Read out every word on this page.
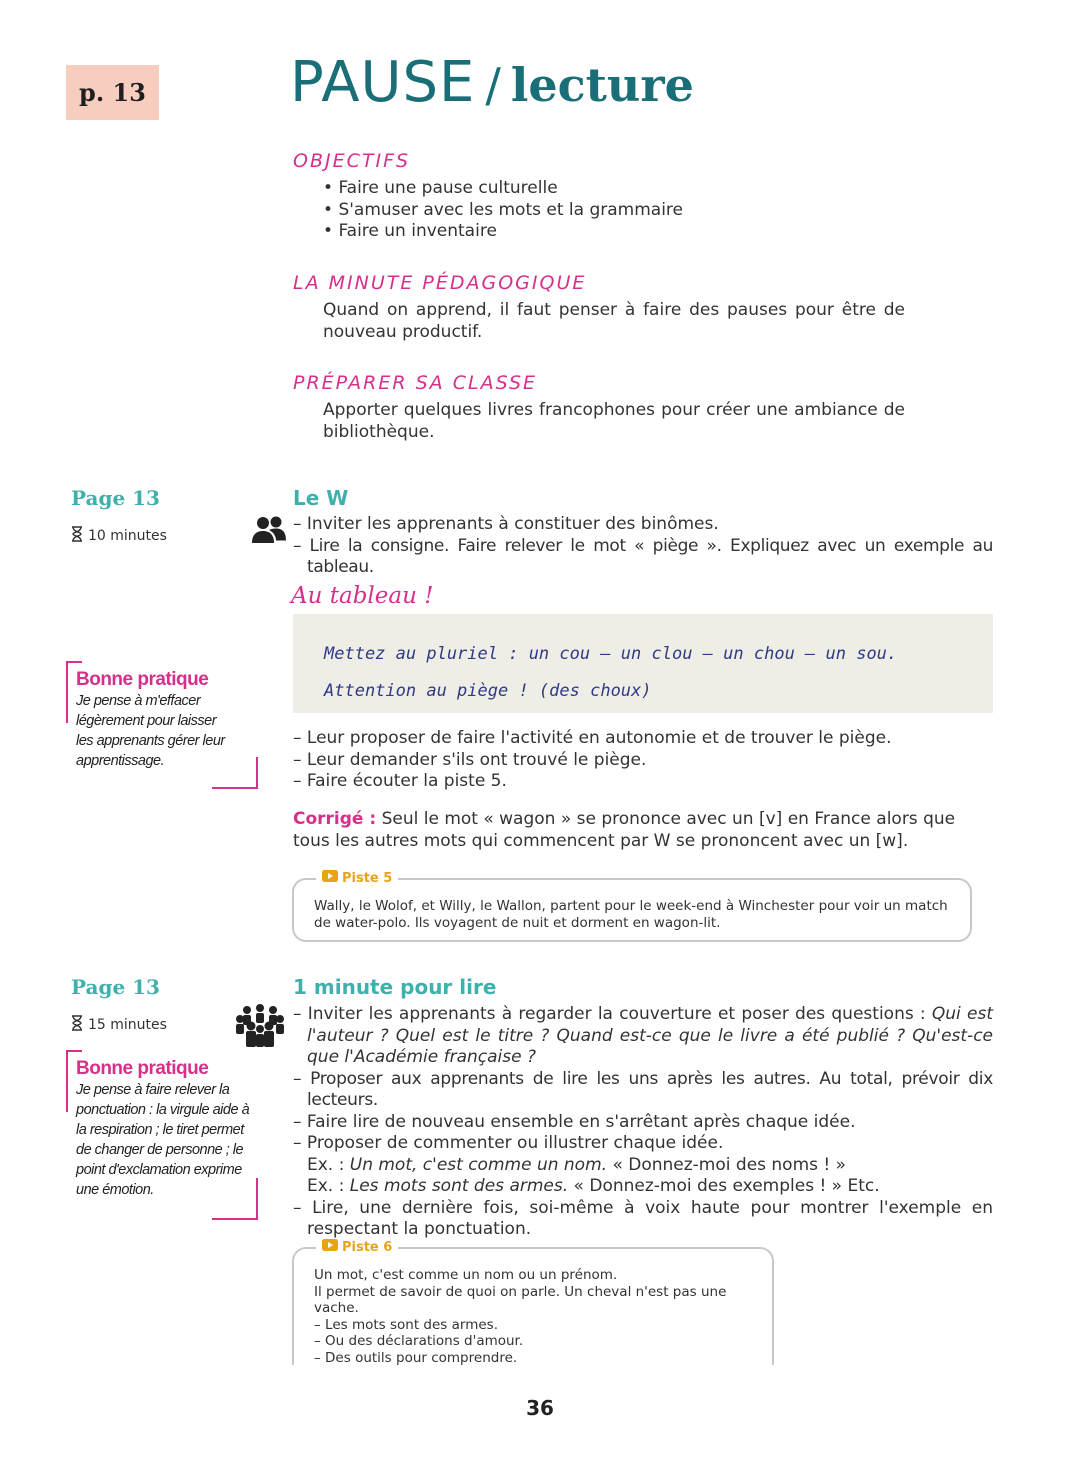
p. 13	PAUSE / lecture
OBJECTIFS
• Faire une pause culturelle
• S'amuser avec les mots et la grammaire
• Faire un inventaire
LA MINUTE PÉDAGOGIQUE
Quand on apprend, il faut penser à faire des pauses pour être de nouveau productif.
PRÉPARER SA CLASSE
Apporter quelques livres francophones pour créer une ambiance de bibliothèque.
Page 13
10 minutes
Le W
– Inviter les apprenants à constituer des binômes.
– Lire la consigne. Faire relever le mot « piège ». Expliquez avec un exemple au tableau.
Au tableau !
Mettez au pluriel : un cou – un clou – un chou – un sou.
Attention au piège ! (des choux)
– Leur proposer de faire l'activité en autonomie et de trouver le piège.
– Leur demander s'ils ont trouvé le piège.
– Faire écouter la piste 5.
Corrigé : Seul le mot « wagon » se prononce avec un [v] en France alors que tous les autres mots qui commencent par W se prononcent avec un [w].
Piste 5
Wally, le Wolof, et Willy, le Wallon, partent pour le week-end à Winchester pour voir un match de water-polo. Ils voyagent de nuit et dorment en wagon-lit.
Bonne pratique
Je pense à m'effacer légèrement pour laisser les apprenants gérer leur apprentissage.
Page 13
15 minutes
1 minute pour lire
– Inviter les apprenants à regarder la couverture et poser des questions : Qui est l'auteur ? Quel est le titre ? Quand est-ce que le livre a été publié ? Qu'est-ce que l'Académie française ?
– Proposer aux apprenants de lire les uns après les autres. Au total, prévoir dix lecteurs.
– Faire lire de nouveau ensemble en s'arrêtant après chaque idée.
– Proposer de commenter ou illustrer chaque idée.
Ex. : Un mot, c'est comme un nom. « Donnez-moi des noms ! »
Ex. : Les mots sont des armes. « Donnez-moi des exemples ! » Etc.
– Lire, une dernière fois, soi-même à voix haute pour montrer l'exemple en respectant la ponctuation.
Bonne pratique
Je pense à faire relever la ponctuation : la virgule aide à la respiration ; le tiret permet de changer de personne ; le point d'exclamation exprime une émotion.
Piste 6
Un mot, c'est comme un nom ou un prénom.
Il permet de savoir de quoi on parle. Un cheval n'est pas une vache.
– Les mots sont des armes.
– Ou des déclarations d'amour.
– Des outils pour comprendre.
36
